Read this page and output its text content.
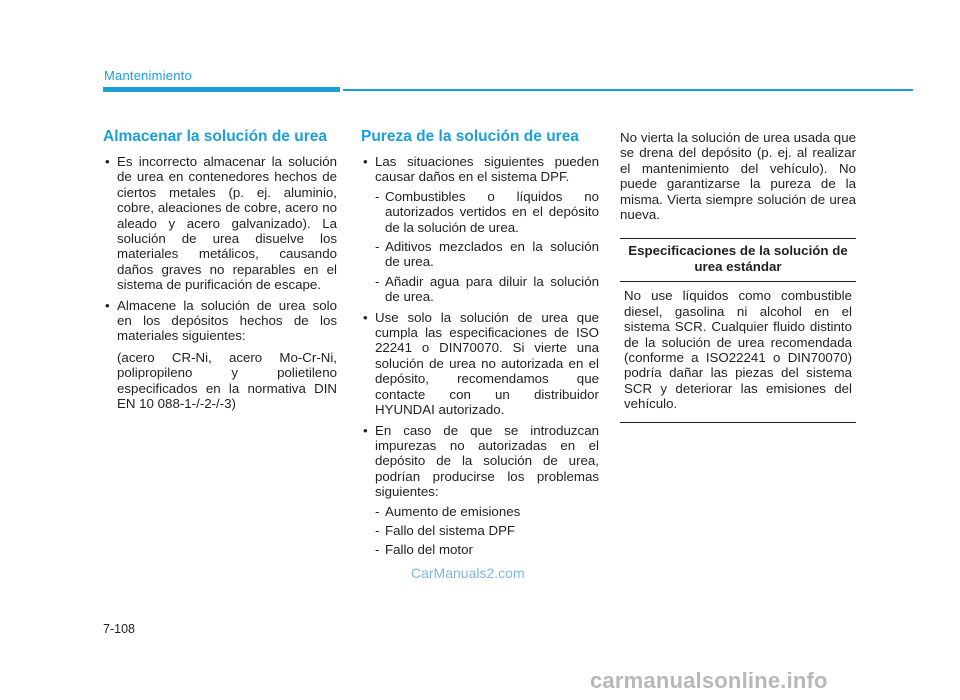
Mantenimiento
Almacenar la solución de urea

• Es incorrecto almacenar la solución de urea en contenedores hechos de ciertos metales (p. ej. aluminio, cobre, aleaciones de cobre, acero no aleado y acero galvanizado). La solución de urea disuelve los materiales metálicos, causando daños graves no reparables en el sistema de purificación de escape.

• Almacene la solución de urea solo en los depósitos hechos de los materiales siguientes:

(acero CR-Ni, acero Mo-Cr-Ni, polipropileno y polietileno especificados en la normativa DIN EN 10 088-1-/-2-/-3)

Pureza de la solución de urea

• Las situaciones siguientes pueden causar daños en el sistema DPF.

- Combustibles o líquidos no autorizados vertidos en el depósito de la solución de urea.

- Aditivos mezclados en la solución de urea.

- Añadir agua para diluir la solución de urea.

• Use solo la solución de urea que cumpla las especificaciones de ISO 22241 o DIN70070. Si vierte una solución de urea no autorizada en el depósito, recomendamos que contacte con un distribuidor HYUNDAI autorizado.

• En caso de que se introduzcan impurezas no autorizadas en el depósito de la solución de urea, podrían producirse los problemas siguientes:

- Aumento de emisiones

- Fallo del sistema DPF

- Fallo del motor

No vierta la solución de urea usada que se drena del depósito (p. ej. al realizar el mantenimiento del vehículo). No puede garantizarse la pureza de la misma. Vierta siempre solución de urea nueva.

Especificaciones de la solución de urea estándar
No use líquidos como combustible diesel, gasolina ni alcohol en el sistema SCR. Cualquier fluido distinto de la solución de urea recomendada (conforme a ISO22241 o DIN70070) podría dañar las piezas del sistema SCR y deteriorar las emisiones del vehículo.
CarManuals2.com
7-108
carmanualsonline.info
